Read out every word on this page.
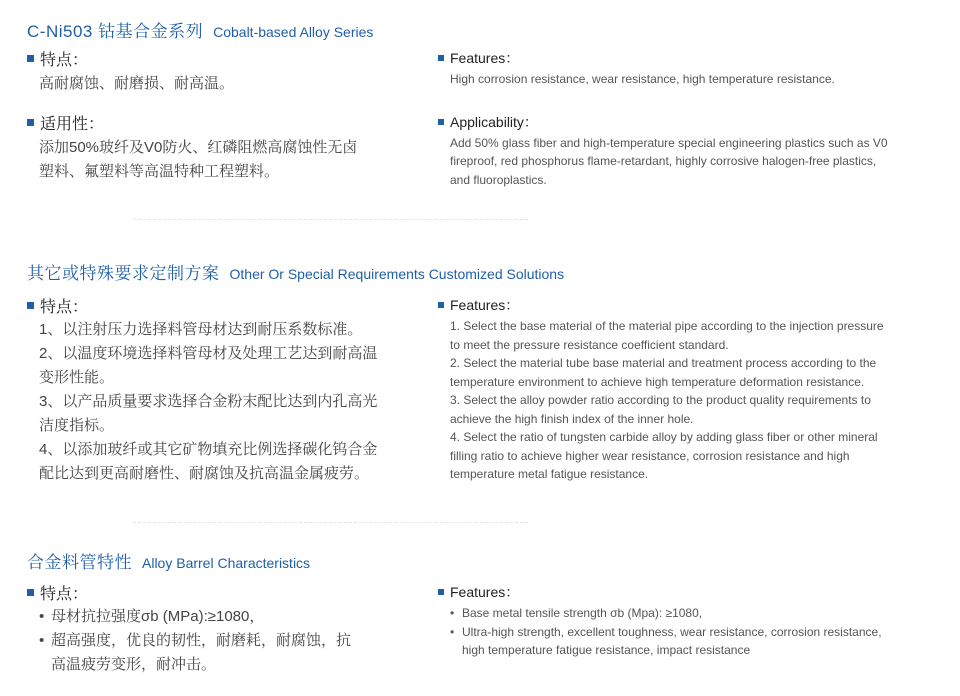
C-Ni503 钴基合金系列 Cobalt-based Alloy Series
特点：
高耐腐蚀、耐磨损、耐高温。
适用性：
添加50%玻纤及V0防火、红磷阻燃高腐蚀性无卤
塑料、氟塑料等高温特种工程塑料。
Features：
High corrosion resistance, wear resistance, high temperature resistance.
Applicability：
Add 50% glass fiber and high-temperature special engineering plastics such as V0
fireproof, red phosphorus flame-retardant, highly corrosive halogen-free plastics,
and fluoroplastics.
其它或特殊要求定制方案 Other Or Special Requirements Customized Solutions
特点：
1、以注射压力选择料管母材达到耐压系数标准。
2、以温度环境选择料管母材及处理工艺达到耐高温
变形性能。
3、以产品质量要求选择合金粉末配比达到内孔高光
洁度指标。
4、以添加玻纤或其它矿物填充比例选择碳化钨合金
配比达到更高耐磨性、耐腐蚀及抗高温金属疲劳。
Features：
1. Select the base material of the material pipe according to the injection pressure
to meet the pressure resistance coefficient standard.
2. Select the material tube base material and treatment process according to the
temperature environment to achieve high temperature deformation resistance.
3. Select the alloy powder ratio according to the product quality requirements to
achieve the high finish index of the inner hole.
4. Select the ratio of tungsten carbide alloy by adding glass fiber or other mineral
filling ratio to achieve higher wear resistance, corrosion resistance and high
temperature metal fatigue resistance.
合金料管特性 Alloy Barrel Characteristics
特点：
• 母材抗拉强度σb (MPa):≥1080，
• 超高强度，优良的韧性，耐磨耗，耐腐蚀，抗
高温疲劳变形，耐冲击。
Features：
• Base metal tensile strength σb (Mpa): ≥1080,
• Ultra-high strength, excellent toughness, wear resistance, corrosion resistance,
high temperature fatigue resistance, impact resistance
